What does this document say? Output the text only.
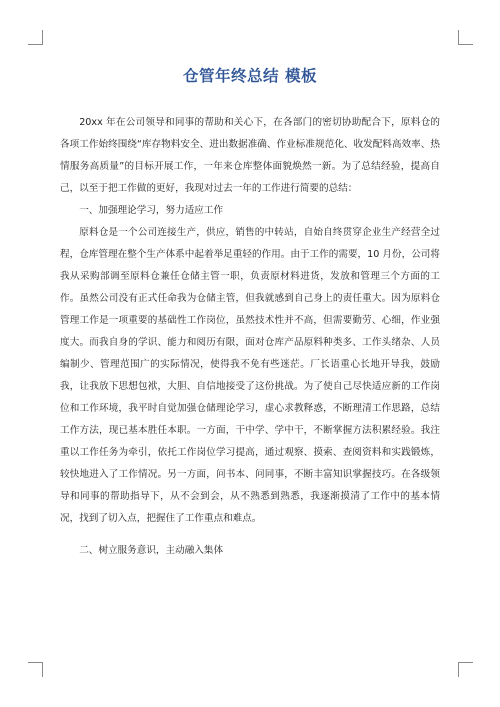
仓管年终总结 模板

20xx 年在公司领导和同事的帮助和关心下，在各部门的密切协助配合下，原料仓的各项工作始终围绕“库存物料安全、进出数据准确、作业标准规范化、收发配料高效率、热情服务高质量”的目标开展工作，一年来仓库整体面貌焕然一新。为了总结经验，提高自己，以至于把工作做的更好，我现对过去一年的工作进行简要的总结：

一、加强理论学习，努力适应工作

原料仓是一个公司连接生产，供应，销售的中转站，自始自终贯穿企业生产经营全过程，仓库管理在整个生产体系中起着举足重轻的作用。由于工作的需要，10 月份，公司将我从采购部调至原料仓兼任仓储主管一职，负责原材料进货，发放和管理三个方面的工作。虽然公司没有正式任命我为仓储主管，但我就感到自己身上的责任重大。因为原料仓管理工作是一项重要的基础性工作岗位，虽然技术性并不高，但需要勤劳、心细，作业强度大。而我自身的学识、能力和阅历有限，面对仓库产品原料种类多、工作头绪杂、人员编制少、管理范围广的实际情况，使得我不免有些迷茫。厂长语重心长地开导我，鼓励我，让我放下思想包袱，大胆、自信地接受了这份挑战。为了使自己尽快适应新的工作岗位和工作环境，我平时自觉加强仓储理论学习，虚心求教释惑，不断理清工作思路，总结工作方法，现已基本胜任本职。一方面，干中学、学中干，不断掌握方法积累经验。我注重以工作任务为牵引，依托工作岗位学习提高，通过观察、摸索、查阅资料和实践锻炼，较快地进入了工作情况。另一方面，问书本、问同事，不断丰富知识掌握技巧。在各级领导和同事的帮助指导下，从不会到会，从不熟悉到熟悉，我逐渐摸清了工作中的基本情况，找到了切入点，把握住了工作重点和难点。

二、树立服务意识，主动融入集体
